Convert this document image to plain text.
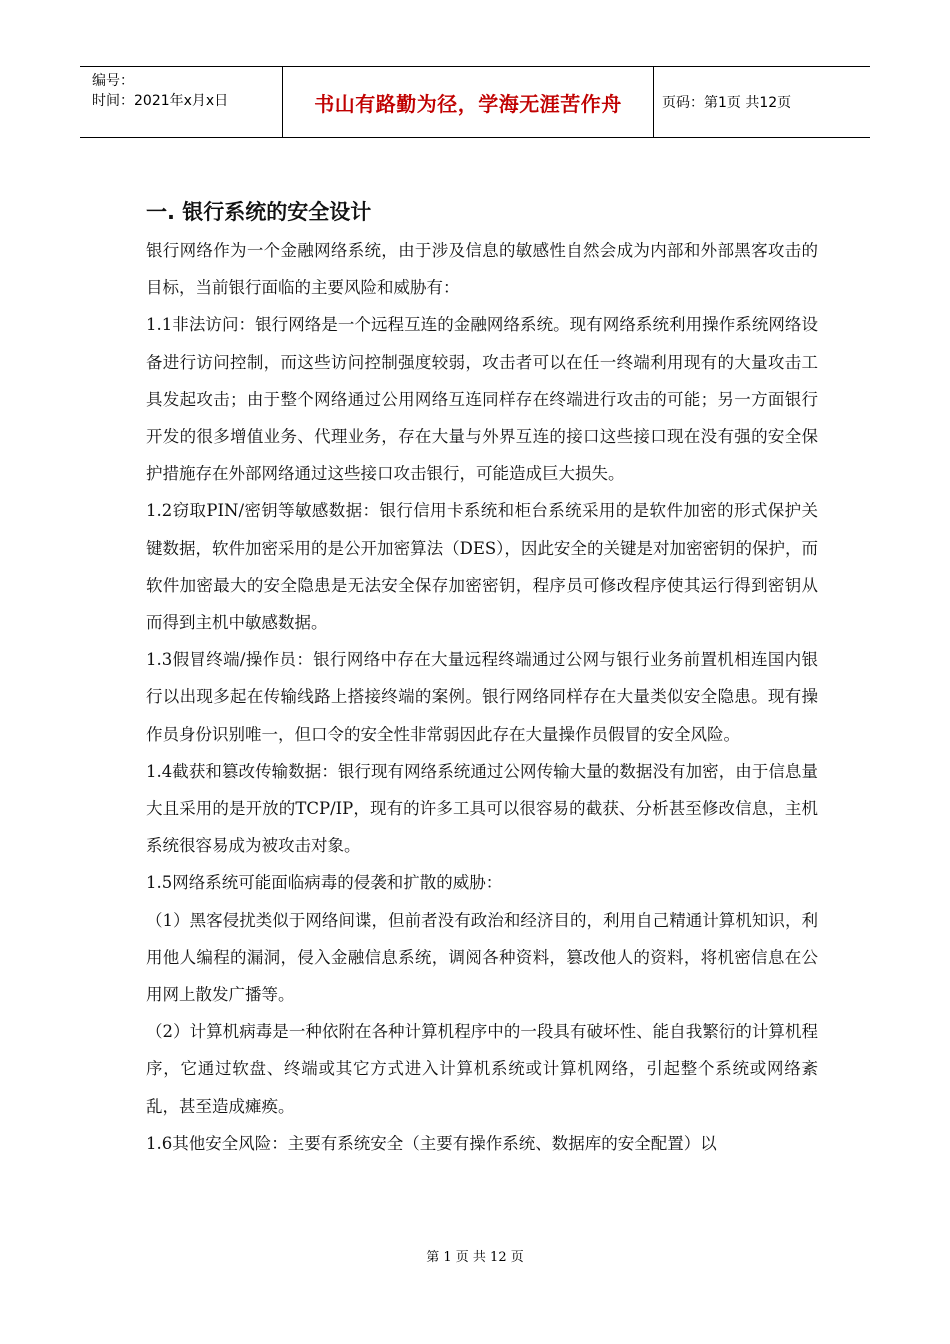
编号：
时间：2021年x月x日	书山有路勤为径，学海无涯苦作舟	页码：第1页 共12页
一. 银行系统的安全设计

银行网络作为一个金融网络系统，由于涉及信息的敏感性自然会成为内部和外部黑客攻击的目标，当前银行面临的主要风险和威胁有：

1.1非法访问：银行网络是一个远程互连的金融网络系统。现有网络系统利用操作系统网络设备进行访问控制，而这些访问控制强度较弱，攻击者可以在任一终端利用现有的大量攻击工具发起攻击；由于整个网络通过公用网络互连同样存在终端进行攻击的可能；另一方面银行开发的很多增值业务、代理业务，存在大量与外界互连的接口这些接口现在没有强的安全保护措施存在外部网络通过这些接口攻击银行，可能造成巨大损失。

1.2窃取PIN/密钥等敏感数据：银行信用卡系统和柜台系统采用的是软件加密的形式保护关键数据，软件加密采用的是公开加密算法（DES），因此安全的关键是对加密密钥的保护，而软件加密最大的安全隐患是无法安全保存加密密钥，程序员可修改程序使其运行得到密钥从而得到主机中敏感数据。

1.3假冒终端/操作员：银行网络中存在大量远程终端通过公网与银行业务前置机相连国内银行以出现多起在传输线路上搭接终端的案例。银行网络同样存在大量类似安全隐患。现有操作员身份识别唯一，但口令的安全性非常弱因此存在大量操作员假冒的安全风险。

1.4截获和篡改传输数据：银行现有网络系统通过公网传输大量的数据没有加密，由于信息量大且采用的是开放的TCP/IP，现有的许多工具可以很容易的截获、分析甚至修改信息，主机系统很容易成为被攻击对象。

1.5网络系统可能面临病毒的侵袭和扩散的威胁：

（1）黑客侵扰类似于网络间谍，但前者没有政治和经济目的，利用自己精通计算机知识，利用他人编程的漏洞，侵入金融信息系统，调阅各种资料，篡改他人的资料，将机密信息在公用网上散发广播等。

（2）计算机病毒是一种依附在各种计算机程序中的一段具有破坏性、能自我繁衍的计算机程序，它通过软盘、终端或其它方式进入计算机系统或计算机网络，引起整个系统或网络紊乱，甚至造成瘫痪。

1.6其他安全风险：主要有系统安全（主要有操作系统、数据库的安全配置）以

第 1 页 共 12 页
